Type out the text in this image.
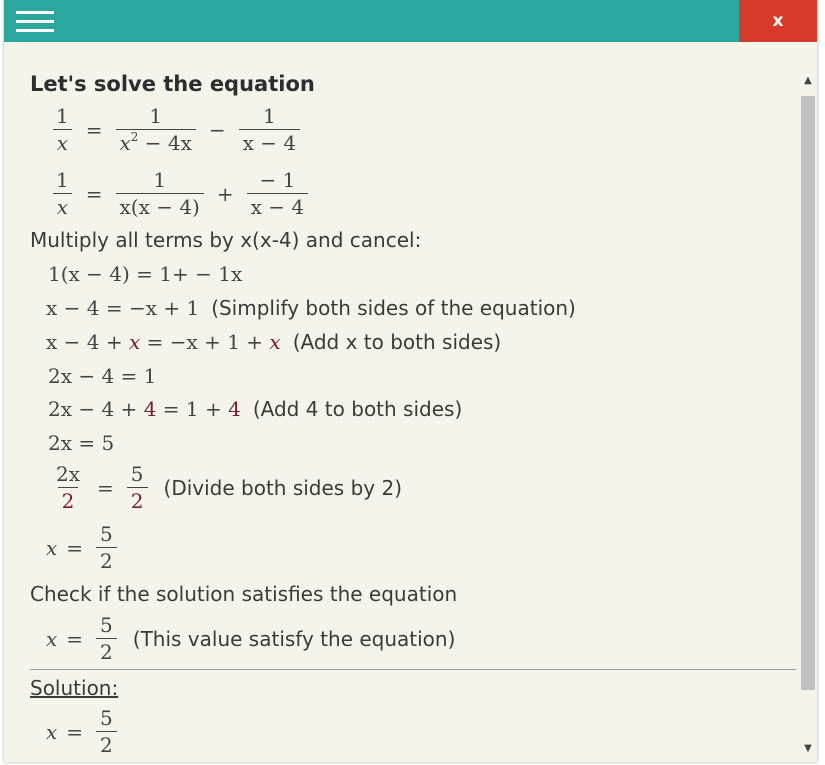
x
Let's solve the equation
$\frac{1}{x} = \frac{1}{x^2 - 4x} - \frac{1}{x - 4}$
$\frac{1}{x} = \frac{1}{x(x - 4)} + \frac{- 1}{x - 4}$
Multiply all terms by x(x-4) and cancel:
1(x − 4) = 1+ − 1x
x − 4 = −x + 1 (Simplify both sides of the equation)
x − 4 +
x
= −x + 1 +
x (Add x to both sides)
2x − 4 = 1
2x − 4 +
4
= 1 +
4 (Add 4 to both sides)
2x = 5
$\frac{2x}{2} = \frac{5}{2}$ (Divide both sides by 2)
$x = \frac{5}{2}$
Check if the solution satisfies the equation
$x = \frac{5}{2}$ (This value satisfy the equation)
Solution:
$x = \frac{5}{2}$
▲
▼
